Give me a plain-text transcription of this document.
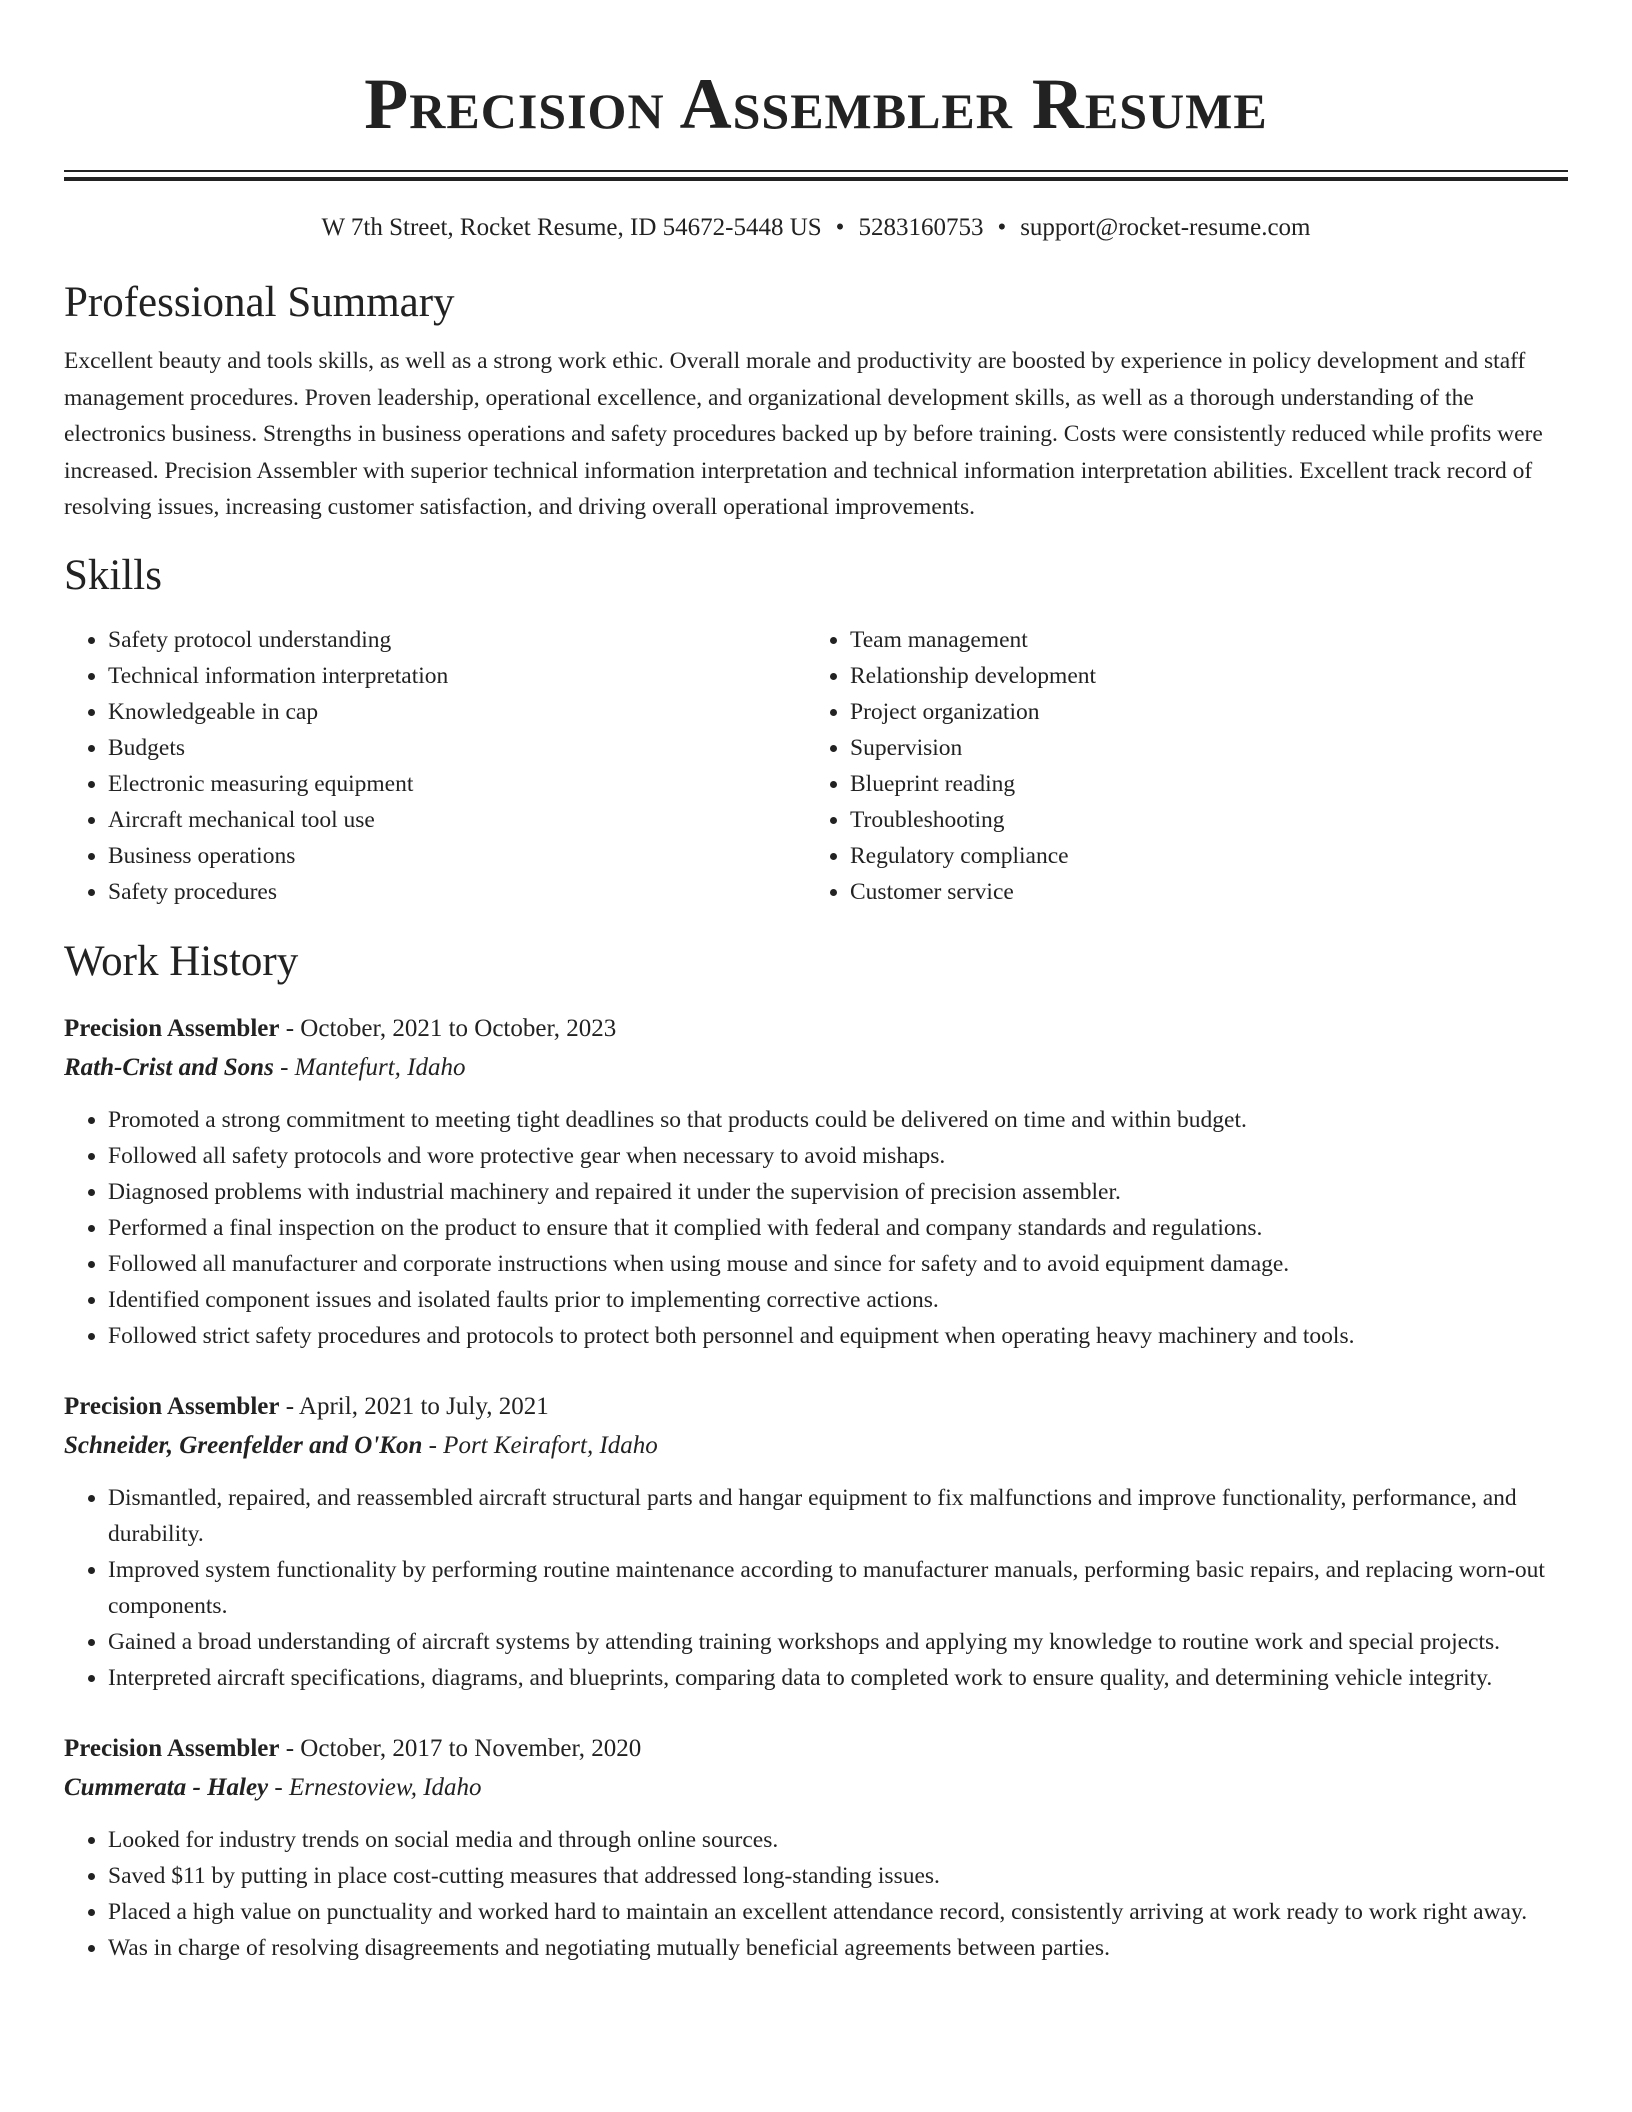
Precision Assembler Resume
W 7th Street, Rocket Resume, ID 54672-5448 US • 5283160753 • support@rocket-resume.com
Professional Summary

Excellent beauty and tools skills, as well as a strong work ethic. Overall morale and productivity are boosted by experience in policy development and staff management procedures. Proven leadership, operational excellence, and organizational development skills, as well as a thorough understanding of the electronics business. Strengths in business operations and safety procedures backed up by before training. Costs were consistently reduced while profits were increased. Precision Assembler with superior technical information interpretation and technical information interpretation abilities. Excellent track record of resolving issues, increasing customer satisfaction, and driving overall operational improvements.

Skills
• Safety protocol understanding
• Technical information interpretation
• Knowledgeable in cap
• Budgets
• Electronic measuring equipment
• Aircraft mechanical tool use
• Business operations
• Safety procedures
• Team management
• Relationship development
• Project organization
• Supervision
• Blueprint reading
• Troubleshooting
• Regulatory compliance
• Customer service
Work History

Precision Assembler - October, 2021 to October, 2023

Rath-Crist and Sons - Mantefurt, Idaho

• Promoted a strong commitment to meeting tight deadlines so that products could be delivered on time and within budget.
• Followed all safety protocols and wore protective gear when necessary to avoid mishaps.
• Diagnosed problems with industrial machinery and repaired it under the supervision of precision assembler.
• Performed a final inspection on the product to ensure that it complied with federal and company standards and regulations.
• Followed all manufacturer and corporate instructions when using mouse and since for safety and to avoid equipment damage.
• Identified component issues and isolated faults prior to implementing corrective actions.
• Followed strict safety procedures and protocols to protect both personnel and equipment when operating heavy machinery and tools.

Precision Assembler - April, 2021 to July, 2021

Schneider, Greenfelder and O'Kon - Port Keirafort, Idaho

• Dismantled, repaired, and reassembled aircraft structural parts and hangar equipment to fix malfunctions and improve functionality, performance, and durability.
• Improved system functionality by performing routine maintenance according to manufacturer manuals, performing basic repairs, and replacing worn-out components.
• Gained a broad understanding of aircraft systems by attending training workshops and applying my knowledge to routine work and special projects.
• Interpreted aircraft specifications, diagrams, and blueprints, comparing data to completed work to ensure quality, and determining vehicle integrity.

Precision Assembler - October, 2017 to November, 2020

Cummerata - Haley - Ernestoview, Idaho

• Looked for industry trends on social media and through online sources.
• Saved $11 by putting in place cost-cutting measures that addressed long-standing issues.
• Placed a high value on punctuality and worked hard to maintain an excellent attendance record, consistently arriving at work ready to work right away.
• Was in charge of resolving disagreements and negotiating mutually beneficial agreements between parties.
